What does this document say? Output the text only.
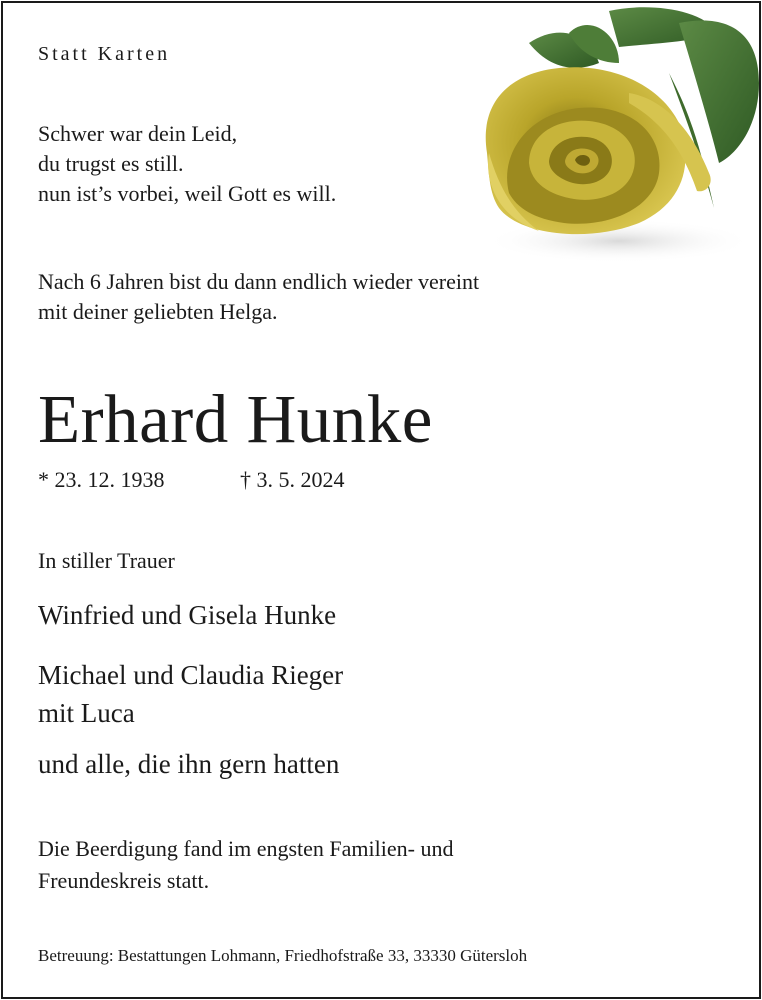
Statt Karten
Schwer war dein Leid,
du trugst es still.
nun ist’s vorbei, weil Gott es will.
Nach 6 Jahren bist du dann endlich wieder vereint
mit deiner geliebten Helga.
Erhard Hunke
* 23. 12. 1938	† 3. 5. 2024
In stiller Trauer
Winfried und Gisela Hunke
Michael und Claudia Rieger
mit Luca
und alle, die ihn gern hatten
Die Beerdigung fand im engsten Familien- und
Freundeskreis statt.
Betreuung: Bestattungen Lohmann, Friedhofstraße 33, 33330 Gütersloh
